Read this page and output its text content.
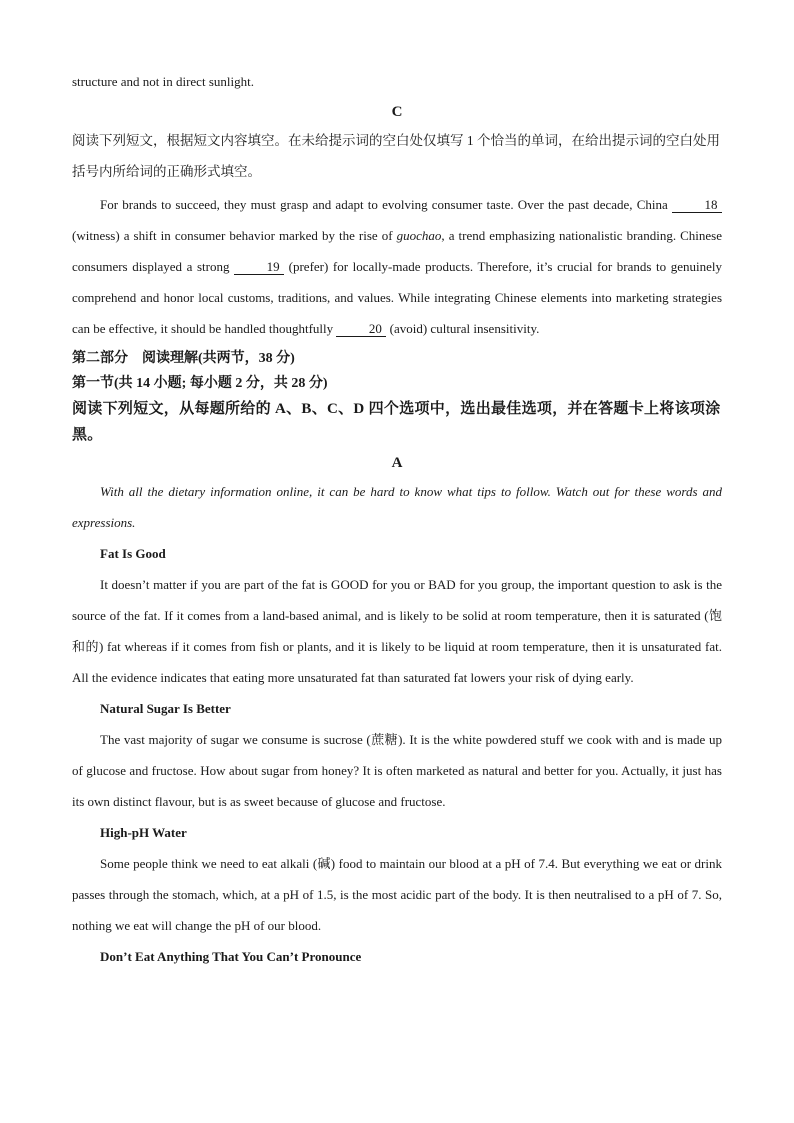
structure and not in direct sunlight.

C

阅读下列短文，根据短文内容填空。在未给提示词的空白处仅填写 1 个恰当的单词，在给出提示词的空白处用括号内所给词的正确形式填空。

For brands to succeed, they must grasp and adapt to evolving consumer taste. Over the past decade, China	18 (witness) a shift in consumer behavior marked by the rise of guochao, a trend emphasizing nationalistic branding. Chinese consumers displayed a strong	19 (prefer) for locally-made products. Therefore, it’s crucial for brands to genuinely comprehend and honor local customs, traditions, and values. While integrating Chinese elements into marketing strategies can be effective, it should be handled thoughtfully	20 (avoid) cultural insensitivity.

第二部分　阅读理解(共两节，38 分)

第一节(共 14 小题; 每小题 2 分，共 28 分)

阅读下列短文，从每题所给的 A、B、C、D 四个选项中，选出最佳选项，并在答题卡上将该项涂黑。

A

With all the dietary information online, it can be hard to know what tips to follow. Watch out for these words and expressions.

Fat Is Good

It doesn’t matter if you are part of the fat is GOOD for you or BAD for you group, the important question to ask is the source of the fat. If it comes from a land-based animal, and is likely to be solid at room temperature, then it is saturated (饱和的) fat whereas if it comes from fish or plants, and it is likely to be liquid at room temperature, then it is unsaturated fat. All the evidence indicates that eating more unsaturated fat than saturated fat lowers your risk of dying early.

Natural Sugar Is Better

The vast majority of sugar we consume is sucrose (蔗糖). It is the white powdered stuff we cook with and is made up of glucose and fructose. How about sugar from honey? It is often marketed as natural and better for you. Actually, it just has its own distinct flavour, but is as sweet because of glucose and fructose.

High-pH Water

Some people think we need to eat alkali (碱) food to maintain our blood at a pH of 7.4. But everything we eat or drink passes through the stomach, which, at a pH of 1.5, is the most acidic part of the body. It is then neutralised to a pH of 7. So, nothing we eat will change the pH of our blood.

Don’t Eat Anything That You Can’t Pronounce
